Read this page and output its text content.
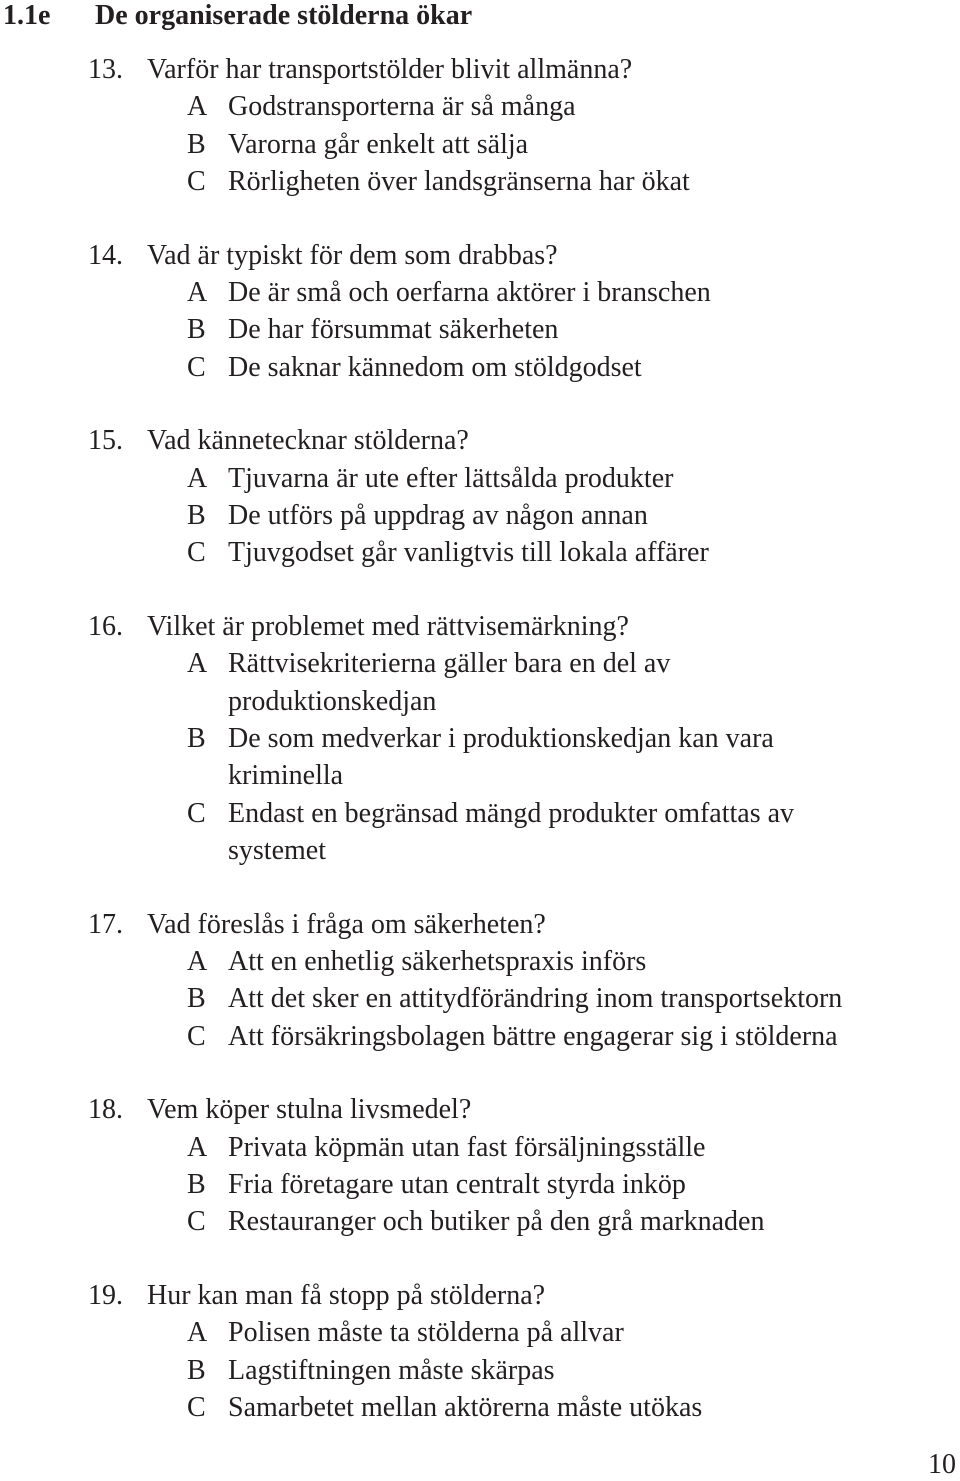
1.1e De organiserade stölderna ökar
13. Varför har transportstölder blivit allmänna?
A Godstransporterna är så många
B Varorna går enkelt att sälja
C Rörligheten över landsgränserna har ökat
14. Vad är typiskt för dem som drabbas?
A De är små och oerfarna aktörer i branschen
B De har försummat säkerheten
C De saknar kännedom om stöldgodset
15. Vad kännetecknar stölderna?
A Tjuvarna är ute efter lättsålda produkter
B De utförs på uppdrag av någon annan
C Tjuvgodset går vanligtvis till lokala affärer
16. Vilket är problemet med rättvisemärkning?
A Rättvisekriterierna gäller bara en del av produktionskedjan
B De som medverkar i produktionskedjan kan vara kriminella
C Endast en begränsad mängd produkter omfattas av systemet
17. Vad föreslås i fråga om säkerheten?
A Att en enhetlig säkerhetspraxis införs
B Att det sker en attitydförändring inom transportsektorn
C Att försäkringsbolagen bättre engagerar sig i stölderna
18. Vem köper stulna livsmedel?
A Privata köpmän utan fast försäljningsställe
B Fria företagare utan centralt styrda inköp
C Restauranger och butiker på den grå marknaden
19. Hur kan man få stopp på stölderna?
A Polisen måste ta stölderna på allvar
B Lagstiftningen måste skärpas
C Samarbetet mellan aktörerna måste utökas
10
